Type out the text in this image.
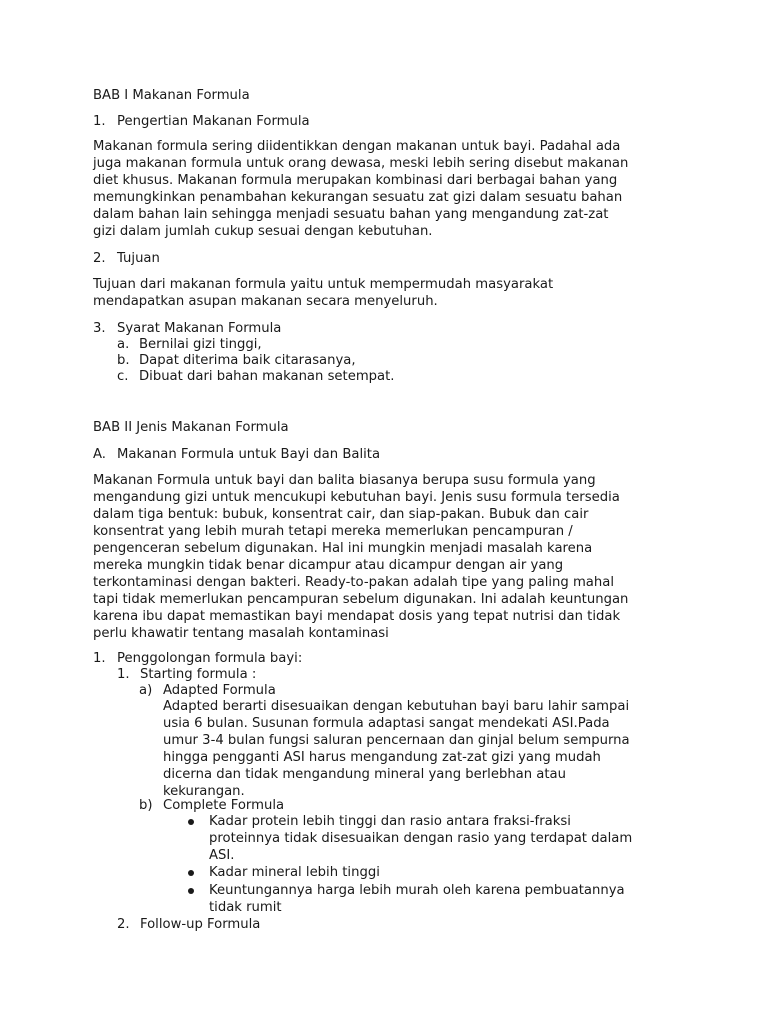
BAB I Makanan Formula
1. Pengertian Makanan Formula
Makanan formula sering diidentikkan dengan makanan untuk bayi. Padahal ada
juga makanan formula untuk orang dewasa, meski lebih sering disebut makanan
diet khusus. Makanan formula merupakan kombinasi dari berbagai bahan yang
memungkinkan penambahan kekurangan sesuatu zat gizi dalam sesuatu bahan
dalam bahan lain sehingga menjadi sesuatu bahan yang mengandung zat-zat
gizi dalam jumlah cukup sesuai dengan kebutuhan.
2. Tujuan
Tujuan dari makanan formula yaitu untuk mempermudah masyarakat
mendapatkan asupan makanan secara menyeluruh.
3. Syarat Makanan Formula
a. Bernilai gizi tinggi,
b. Dapat diterima baik citarasanya,
c. Dibuat dari bahan makanan setempat.
BAB II Jenis Makanan Formula
A. Makanan Formula untuk Bayi dan Balita
Makanan Formula untuk bayi dan balita biasanya berupa susu formula yang
mengandung gizi untuk mencukupi kebutuhan bayi. Jenis susu formula tersedia
dalam tiga bentuk: bubuk, konsentrat cair, dan siap-pakan. Bubuk dan cair
konsentrat yang lebih murah tetapi mereka memerlukan pencampuran /
pengenceran sebelum digunakan. Hal ini mungkin menjadi masalah karena
mereka mungkin tidak benar dicampur atau dicampur dengan air yang
terkontaminasi dengan bakteri. Ready-to-pakan adalah tipe yang paling mahal
tapi tidak memerlukan pencampuran sebelum digunakan. Ini adalah keuntungan
karena ibu dapat memastikan bayi mendapat dosis yang tepat nutrisi dan tidak
perlu khawatir tentang masalah kontaminasi
1. Penggolongan formula bayi:
1. Starting formula :
a) Adapted Formula
Adapted berarti disesuaikan dengan kebutuhan bayi baru lahir sampai
usia 6 bulan. Susunan formula adaptasi sangat mendekati ASI.Pada
umur 3-4 bulan fungsi saluran pencernaan dan ginjal belum sempurna
hingga pengganti ASI harus mengandung zat-zat gizi yang mudah
dicerna dan tidak mengandung mineral yang berlebhan atau
kekurangan.
b) Complete Formula
Kadar protein lebih tinggi dan rasio antara fraksi-fraksi
proteinnya tidak disesuaikan dengan rasio yang terdapat dalam
ASI.
Kadar mineral lebih tinggi
Keuntungannya harga lebih murah oleh karena pembuatannya
tidak rumit
2. Follow-up Formula
